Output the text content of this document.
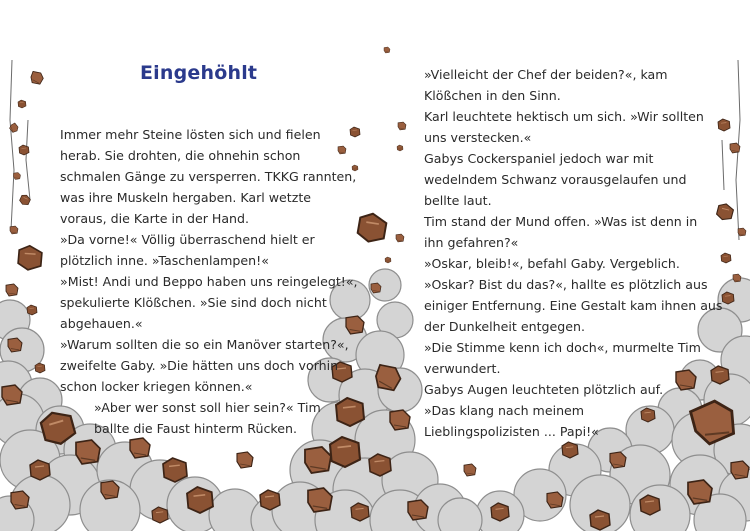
Eingehöhlt

Immer mehr Steine lösten sich und fielen

herab. Sie drohten, die ohnehin schon

schmalen Gänge zu versperren. TKKG rannten,

was ihre Muskeln hergaben. Karl wetzte

voraus, die Karte in der Hand.

»Da vorne!« Völlig überraschend hielt er

plötzlich inne. »Taschenlampen!«

»Mist! Andi und Beppo haben uns reingelegt!«,

spekulierte Klößchen. »Sie sind doch nicht

abgehauen.«

»Warum sollten die so ein Manöver starten?«,

zweifelte Gaby. »Die hätten uns doch vorhin

schon locker kriegen können.«

»Aber wer sonst soll hier sein?« Tim

ballte die Faust hinterm Rücken.

»Vielleicht der Chef der beiden?«, kam

Klößchen in den Sinn.

Karl leuchtete hektisch um sich. »Wir sollten

uns verstecken.«

Gabys Cockerspaniel jedoch war mit

wedelndem Schwanz vorausgelaufen und

bellte laut.

Tim stand der Mund offen. »Was ist denn in

ihn gefahren?«

»Oskar, bleib!«, befahl Gaby. Vergeblich.

»Oskar? Bist du das?«, hallte es plötzlich aus

einiger Entfernung. Eine Gestalt kam ihnen aus

der Dunkelheit entgegen.

»Die Stimme kenn ich doch«, murmelte Tim

verwundert.

Gabys Augen leuchteten plötzlich auf.

»Das klang nach meinem

Lieblingspolizisten ... Papi!«
